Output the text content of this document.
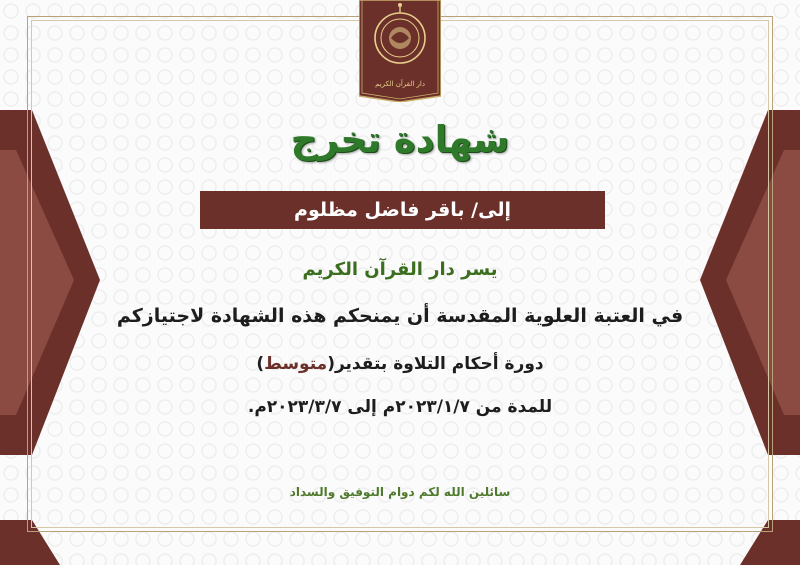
دار القرآن الكريم
شهادة تخرج
إلى/ باقر فاضل مظلوم
يسر دار القرآن الكريم
في العتبة العلوية المقدسة أن يمنحكم هذه الشهادة لاجتيازكم
دورة أحكام التلاوة بتقدير(متوسط)
للمدة من ٢٠٢٣/١/٧م إلى ٢٠٢٣/٣/٧م.
سائلين الله لكم دوام التوفيق والسداد
